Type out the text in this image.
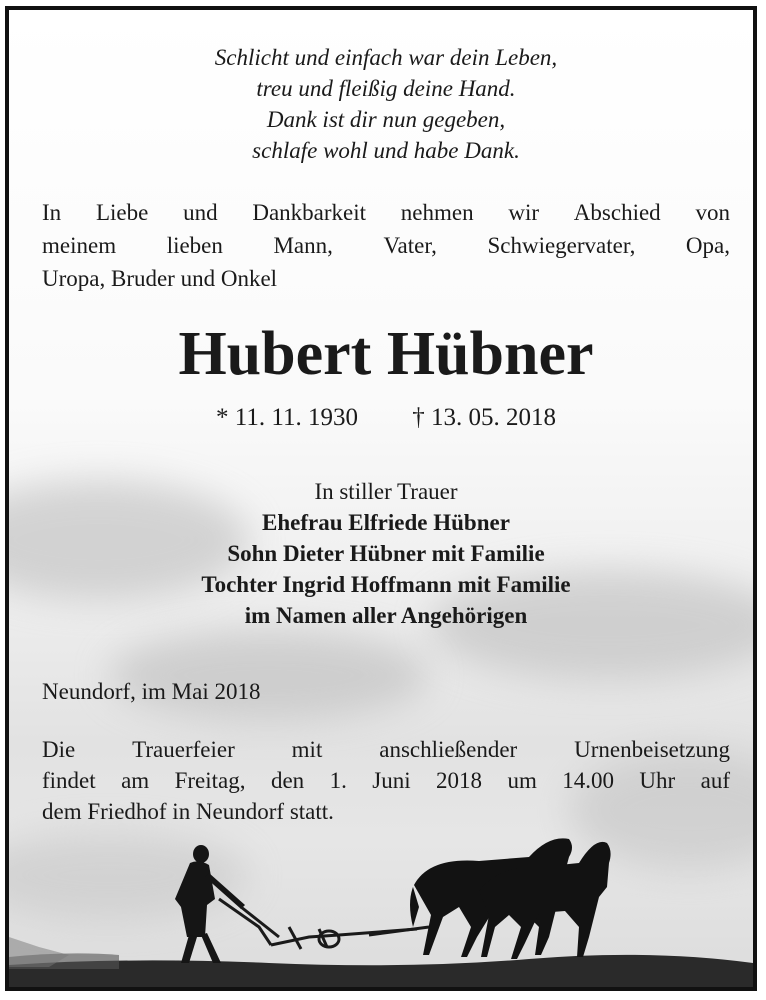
Schlicht und einfach war dein Leben,
treu und fleißig deine Hand.
Dank ist dir nun gegeben,
schlafe wohl und habe Dank.
In Liebe und Dankbarkeit nehmen wir Abschied von
meinem lieben Mann, Vater, Schwiegervater, Opa,
Uropa, Bruder und Onkel
Hubert Hübner
* 11. 11. 1930 † 13. 05. 2018
In stiller Trauer
Ehefrau Elfriede Hübner
Sohn Dieter Hübner mit Familie
Tochter Ingrid Hoffmann mit Familie
im Namen aller Angehörigen
Neundorf, im Mai 2018
Die Trauerfeier mit anschließender Urnenbeisetzung
findet am Freitag, den 1. Juni 2018 um 14.00 Uhr auf
dem Friedhof in Neundorf statt.
